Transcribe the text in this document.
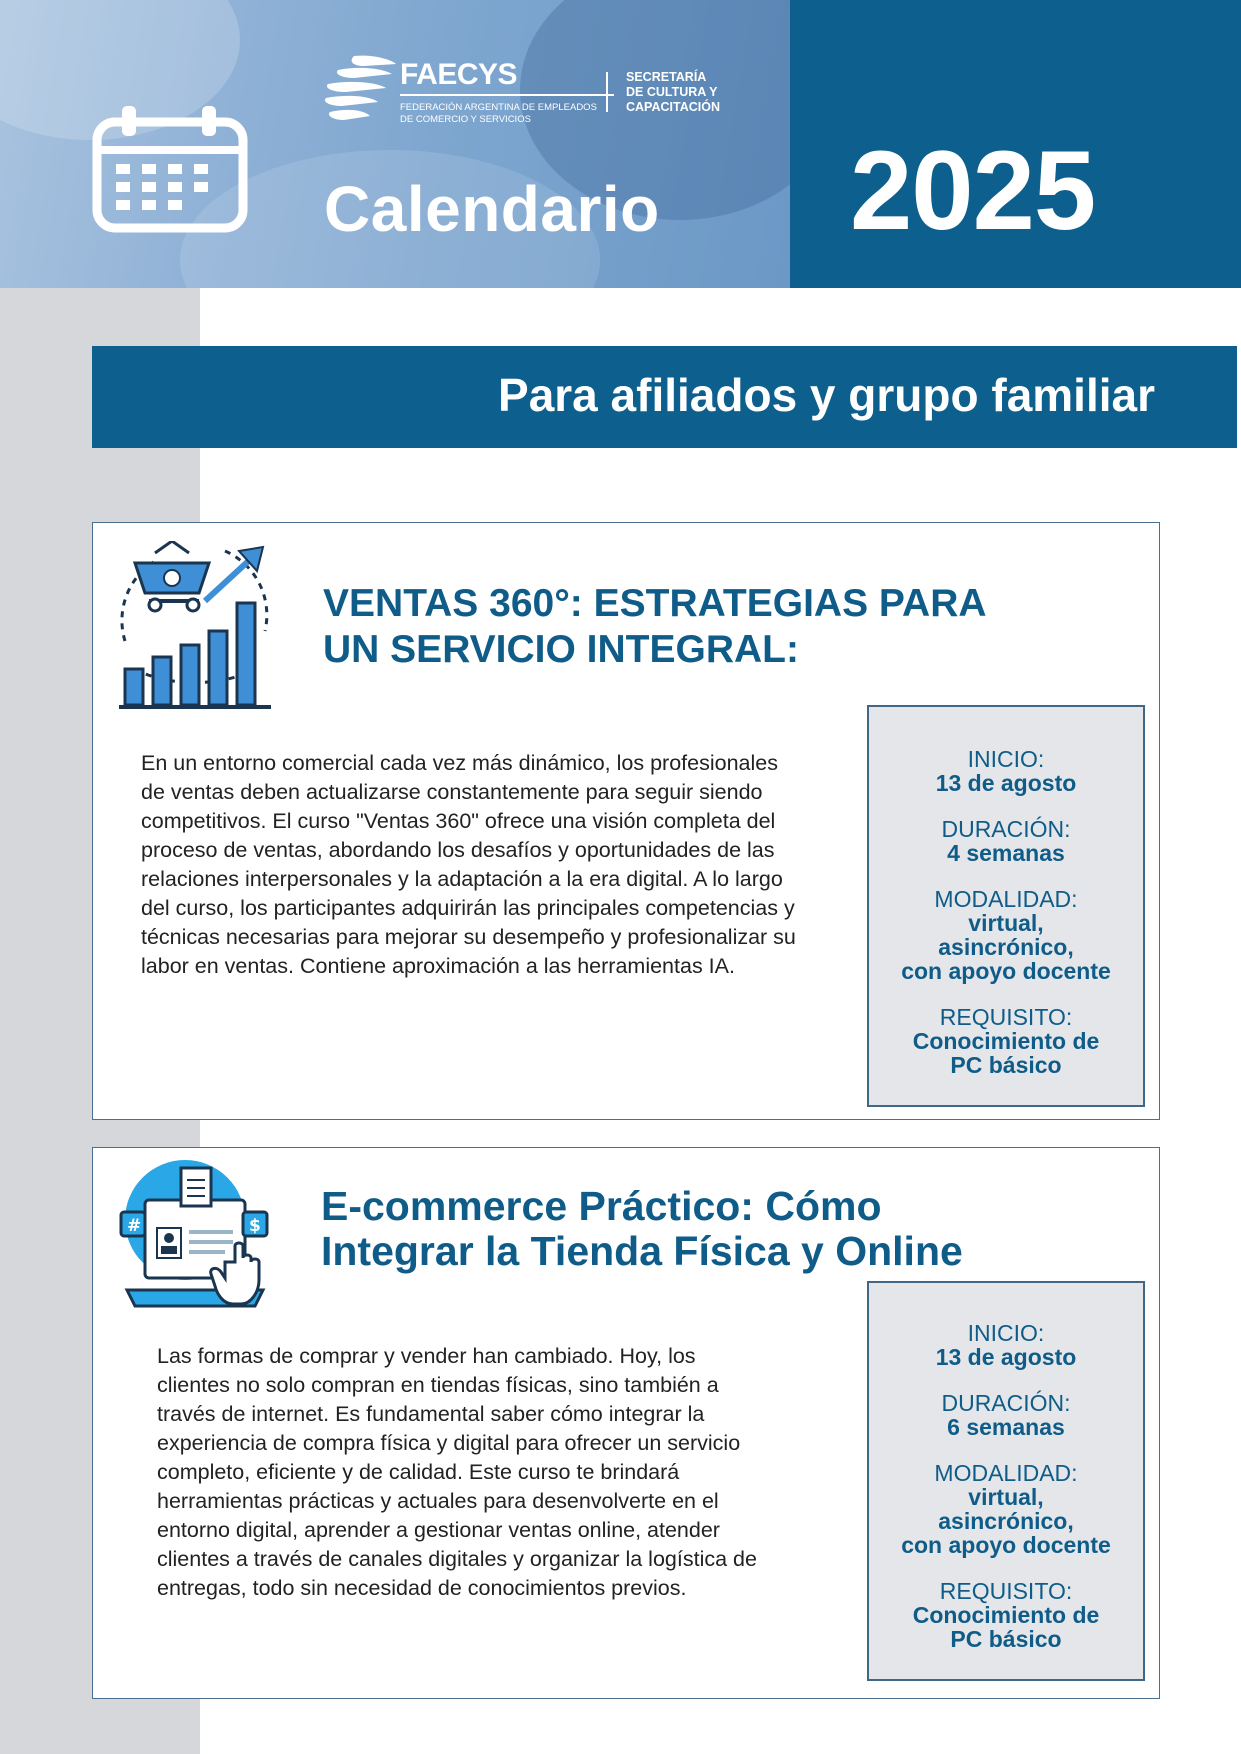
FAECYS
FEDERACIÓN ARGENTINA DE EMPLEADOS
DE COMERCIO Y SERVICIOS
SECRETARÍA
DE CULTURA Y
CAPACITACIÓN
Calendario 2025
Para afiliados y grupo familiar
VENTAS 360°: ESTRATEGIAS PARA
UN SERVICIO INTEGRAL:
En un entorno comercial cada vez más dinámico, los profesionales
de ventas deben actualizarse constantemente para seguir siendo
competitivos. El curso "Ventas 360" ofrece una visión completa del
proceso de ventas, abordando los desafíos y oportunidades de las
relaciones interpersonales y la adaptación a la era digital. A lo largo
del curso, los participantes adquirirán las principales competencias y
técnicas necesarias para mejorar su desempeño y profesionalizar su
labor en ventas. Contiene aproximación a las herramientas IA.
INICIO:
13 de agosto
DURACIÓN:
4 semanas
MODALIDAD:
virtual,
asincrónico,
con apoyo docente
REQUISITO:
Conocimiento de
PC básico
#	$ E-commerce Práctico: Cómo
Integrar la Tienda Física y Online
Las formas de comprar y vender han cambiado. Hoy, los
clientes no solo compran en tiendas físicas, sino también a
través de internet. Es fundamental saber cómo integrar la
experiencia de compra física y digital para ofrecer un servicio
completo, eficiente y de calidad. Este curso te brindará
herramientas prácticas y actuales para desenvolverte en el
entorno digital, aprender a gestionar ventas online, atender
clientes a través de canales digitales y organizar la logística de
entregas, todo sin necesidad de conocimientos previos.
INICIO:
13 de agosto
DURACIÓN:
6 semanas
MODALIDAD:
virtual,
asincrónico,
con apoyo docente
REQUISITO:
Conocimiento de
PC básico
